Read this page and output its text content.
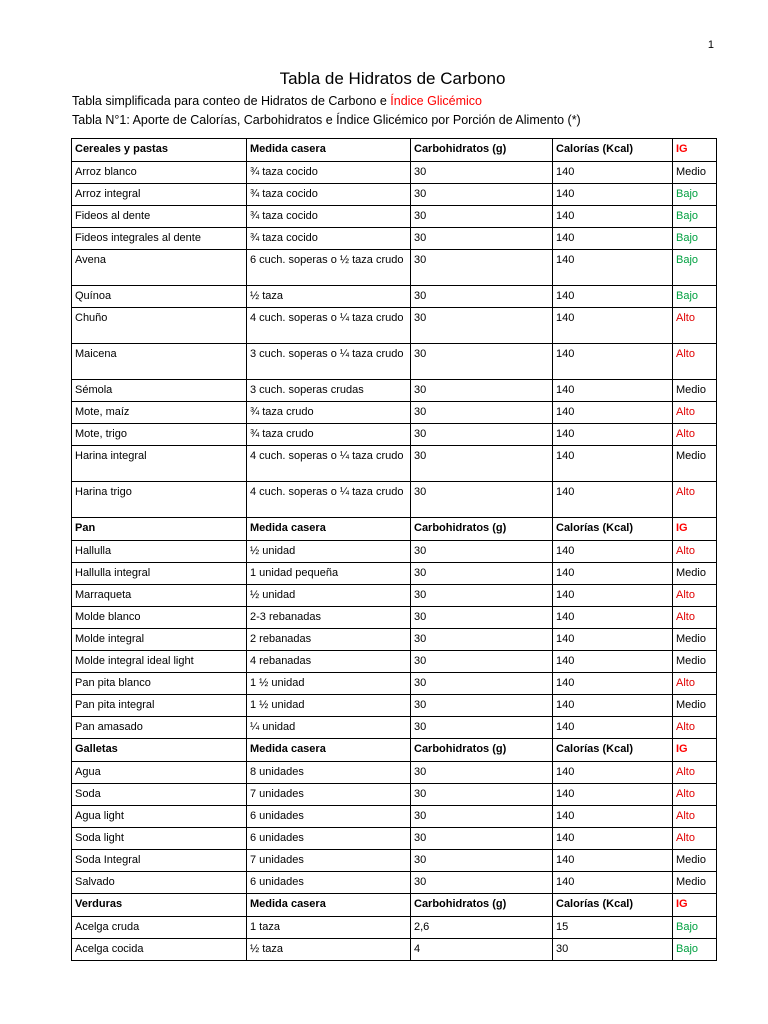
1
Tabla de Hidratos de Carbono
Tabla simplificada para conteo de Hidratos de Carbono e Índice Glicémico
Tabla N°1: Aporte de Calorías, Carbohidratos e Índice Glicémico por Porción de Alimento (*)
Cereales y pastas	Medida casera	Carbohidratos (g)	Calorías (Kcal)	IG
Arroz blanco	¾ taza cocido	30	140	Medio
Arroz integral	¾ taza cocido	30	140	Bajo
Fideos al dente	¾ taza cocido	30	140	Bajo
Fideos integrales al dente	¾ taza cocido	30	140	Bajo
Avena	6 cuch. soperas o ½ taza crudo	30	140	Bajo
Quínoa	½ taza	30	140	Bajo
Chuño	4 cuch. soperas o ¼ taza crudo	30	140	Alto
Maicena	3 cuch. soperas o ¼ taza crudo	30	140	Alto
Sémola	3 cuch. soperas crudas	30	140	Medio
Mote, maíz	¾ taza crudo	30	140	Alto
Mote, trigo	¾ taza crudo	30	140	Alto
Harina integral	4 cuch. soperas o ¼ taza crudo	30	140	Medio
Harina trigo	4 cuch. soperas o ¼ taza crudo	30	140	Alto
Pan	Medida casera	Carbohidratos (g)	Calorías (Kcal)	IG
Hallulla	½ unidad	30	140	Alto
Hallulla integral	1 unidad pequeña	30	140	Medio
Marraqueta	½ unidad	30	140	Alto
Molde blanco	2-3 rebanadas	30	140	Alto
Molde integral	2 rebanadas	30	140	Medio
Molde integral ideal light	4 rebanadas	30	140	Medio
Pan pita blanco	1 ½ unidad	30	140	Alto
Pan pita integral	1 ½ unidad	30	140	Medio
Pan amasado	¼ unidad	30	140	Alto
Galletas	Medida casera	Carbohidratos (g)	Calorías (Kcal)	IG
Agua	8 unidades	30	140	Alto
Soda	7 unidades	30	140	Alto
Agua light	6 unidades	30	140	Alto
Soda light	6 unidades	30	140	Alto
Soda Integral	7 unidades	30	140	Medio
Salvado	6 unidades	30	140	Medio
Verduras	Medida casera	Carbohidratos (g)	Calorías (Kcal)	IG
Acelga cruda	1 taza	2,6	15	Bajo
Acelga cocida	½ taza	4	30	Bajo
